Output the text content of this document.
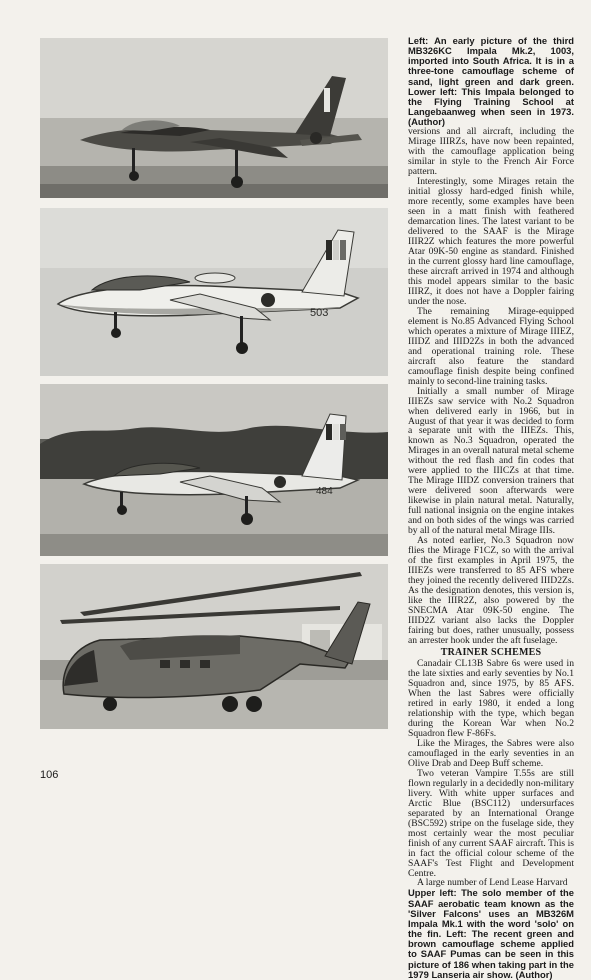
503
484

Left: An early picture of the third MB326KC Impala Mk.2, 1003, imported into South Africa. It is in a three-tone camouflage scheme of sand, light green and dark green. Lower left: This Impala belonged to the Flying Training School at Langebaanweg when seen in 1973. (Author)

versions and all aircraft, including the Mirage IIIRZs, have now been repainted, with the camouflage application being similar in style to the French Air Force pattern.

Interestingly, some Mirages retain the initial glossy hard-edged finish while, more recently, some examples have been seen in a matt finish with feathered demarcation lines. The latest variant to be delivered to the SAAF is the Mirage IIIR2Z which features the more powerful Atar 09K-50 engine as standard. Finished in the current glossy hard line camouflage, these aircraft arrived in 1974 and although this model appears similar to the basic IIIRZ, it does not have a Doppler fairing under the nose.

The remaining Mirage-equipped element is No.85 Advanced Flying School which operates a mixture of Mirage IIIEZ, IIIDZ and IIID2Zs in both the advanced and operational training role. These aircraft also feature the standard camouflage finish despite being confined mainly to second-line training tasks.

Initially a small number of Mirage IIIEZs saw service with No.2 Squadron when delivered early in 1966, but in August of that year it was decided to form a separate unit with the IIIEZs. This, known as No.3 Squadron, operated the Mirages in an overall natural metal scheme without the red flash and fin codes that were applied to the IIICZs at that time. The Mirage IIIDZ conversion trainers that were delivered soon afterwards were likewise in plain natural metal. Naturally, full national insignia on the engine intakes and on both sides of the wings was carried by all of the natural metal Mirage IIIs.

As noted earlier, No.3 Squadron now flies the Mirage F1CZ, so with the arrival of the first examples in April 1975, the IIIEZs were transferred to 85 AFS where they joined the recently delivered IIID2Zs. As the designation denotes, this version is, like the IIIR2Z, also powered by the SNECMA Atar 09K-50 engine. The IIID2Z variant also lacks the Doppler fairing but does, rather unusually, possess an arrester hook under the aft fuselage.

TRAINER SCHEMES

Canadair CL13B Sabre 6s were used in the late sixties and early seventies by No.1 Squadron and, since 1975, by 85 AFS. When the last Sabres were officially retired in early 1980, it ended a long relationship with the type, which began during the Korean War when No.2 Squadron flew F-86Fs.

Like the Mirages, the Sabres were also camouflaged in the early seventies in an Olive Drab and Deep Buff scheme.

Two veteran Vampire T.55s are still flown regularly in a decidedly non-military livery. With white upper surfaces and Arctic Blue (BSC112) undersurfaces separated by an International Orange (BSC592) stripe on the fuselage side, they most certainly wear the most peculiar finish of any current SAAF aircraft. This is in fact the official colour scheme of the SAAF's Test Flight and Development Centre.

A large number of Lend Lease Harvard

Upper left: The solo member of the SAAF aerobatic team known as the 'Silver Falcons' uses an MB326M Impala Mk.1 with the word 'solo' on the fin. Left: The recent green and brown camouflage scheme applied to SAAF Pumas can be seen in this picture of 186 when taking part in the 1979 Lanseria air show. (Author)

106
